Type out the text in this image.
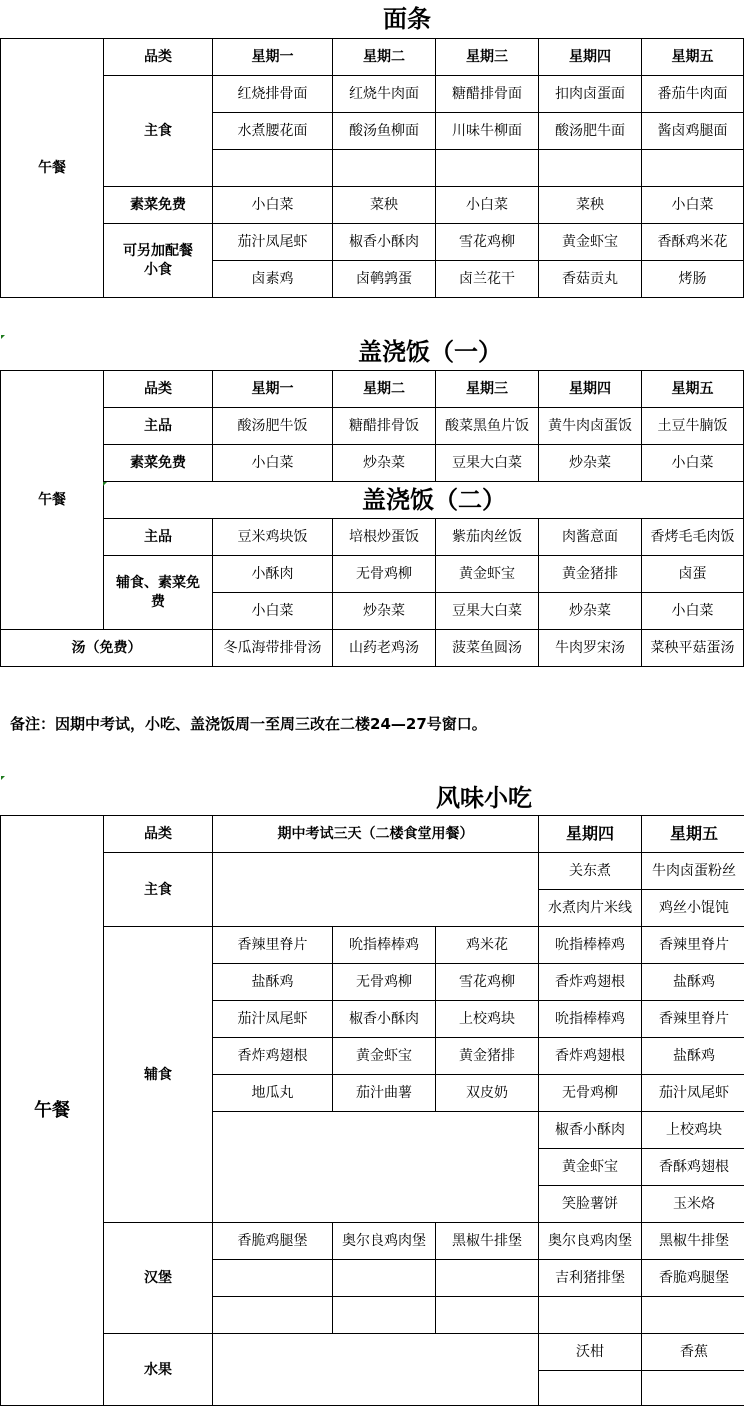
面条
午餐	品类	星期一	星期二	星期三	星期四	星期五
	主食	红烧排骨面	红烧牛肉面	糖醋排骨面	扣肉卤蛋面	番茄牛肉面
		水煮腰花面	酸汤鱼柳面	川味牛柳面	酸汤肥牛面	酱卤鸡腿面

	素菜免费	小白菜	菜秧	小白菜	菜秧	小白菜
	可另加配餐小食	茄汁凤尾虾	椒香小酥肉	雪花鸡柳	黄金虾宝	香酥鸡米花
		卤素鸡	卤鹌鹑蛋	卤兰花干	香菇贡丸	烤肠
盖浇饭（一）
午餐	品类	星期一	星期二	星期三	星期四	星期五
	主品	酸汤肥牛饭	糖醋排骨饭	酸菜黑鱼片饭	黄牛肉卤蛋饭	土豆牛腩饭
	素菜免费	小白菜	炒杂菜	豆果大白菜	炒杂菜	小白菜
	盖浇饭（二）					
	主品	豆米鸡块饭	培根炒蛋饭	紫茄肉丝饭	肉酱意面	香烤毛毛肉饭
	辅食、素菜免费	小酥肉	无骨鸡柳	黄金虾宝	黄金猪排	卤蛋
		小白菜	炒杂菜	豆果大白菜	炒杂菜	小白菜
汤（免费）		冬瓜海带排骨汤	山药老鸡汤	菠菜鱼圆汤	牛肉罗宋汤	菜秧平菇蛋汤
备注：因期中考试，小吃、盖浇饭周一至周三改在二楼24—27号窗口。
风味小吃
午餐	品类	期中考试三天（二楼食堂用餐）			星期四	星期五
	主食				关东煮	牛肉卤蛋粉丝
					水煮肉片米线	鸡丝小馄饨
	辅食	香辣里脊片	吮指棒棒鸡	鸡米花	吮指棒棒鸡	香辣里脊片
		盐酥鸡	无骨鸡柳	雪花鸡柳	香炸鸡翅根	盐酥鸡
		茄汁凤尾虾	椒香小酥肉	上校鸡块	吮指棒棒鸡	香辣里脊片
		香炸鸡翅根	黄金虾宝	黄金猪排	香炸鸡翅根	盐酥鸡
		地瓜丸	茄汁曲薯	双皮奶	无骨鸡柳	茄汁凤尾虾
					椒香小酥肉	上校鸡块
					黄金虾宝	香酥鸡翅根
					笑脸薯饼	玉米烙
	汉堡	香脆鸡腿堡	奥尔良鸡肉堡	黑椒牛排堡	奥尔良鸡肉堡	黑椒牛排堡
					吉利猪排堡	香脆鸡腿堡

	水果				沃柑	香蕉
